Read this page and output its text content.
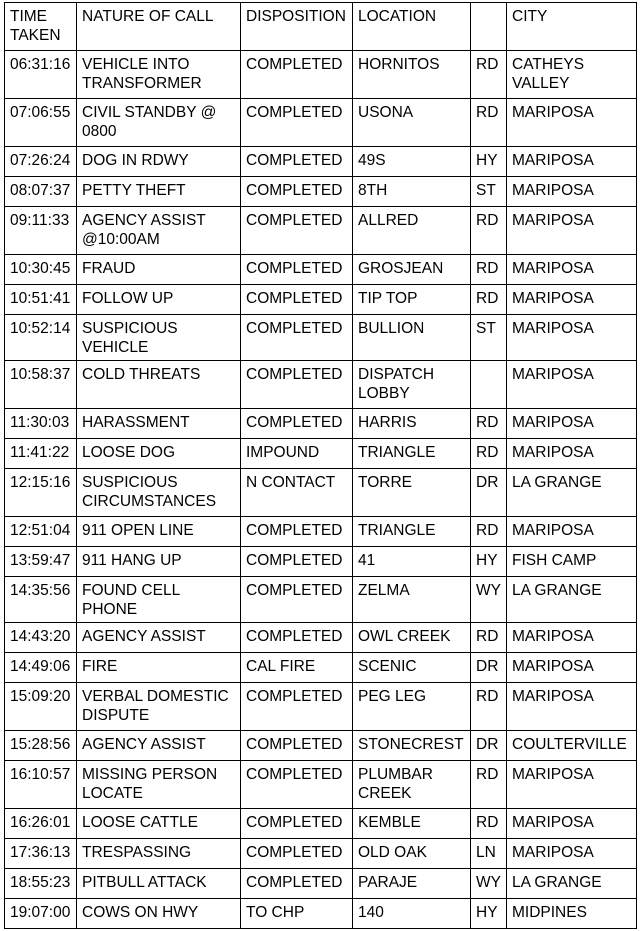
TIME TAKEN	NATURE OF CALL	DISPOSITION	LOCATION		CITY
06:31:16	VEHICLE INTO TRANSFORMER	COMPLETED	HORNITOS	RD	CATHEYS VALLEY
07:06:55	CIVIL STANDBY @ 0800	COMPLETED	USONA	RD	MARIPOSA
07:26:24	DOG IN RDWY	COMPLETED	49S	HY	MARIPOSA
08:07:37	PETTY THEFT	COMPLETED	8TH	ST	MARIPOSA
09:11:33	AGENCY ASSIST @10:00AM	COMPLETED	ALLRED	RD	MARIPOSA
10:30:45	FRAUD	COMPLETED	GROSJEAN	RD	MARIPOSA
10:51:41	FOLLOW UP	COMPLETED	TIP TOP	RD	MARIPOSA
10:52:14	SUSPICIOUS VEHICLE	COMPLETED	BULLION	ST	MARIPOSA
10:58:37	COLD THREATS	COMPLETED	DISPATCH LOBBY		MARIPOSA
11:30:03	HARASSMENT	COMPLETED	HARRIS	RD	MARIPOSA
11:41:22	LOOSE DOG	IMPOUND	TRIANGLE	RD	MARIPOSA
12:15:16	SUSPICIOUS CIRCUMSTANCES	N CONTACT	TORRE	DR	LA GRANGE
12:51:04	911 OPEN LINE	COMPLETED	TRIANGLE	RD	MARIPOSA
13:59:47	911 HANG UP	COMPLETED	41	HY	FISH CAMP
14:35:56	FOUND CELL PHONE	COMPLETED	ZELMA	WY	LA GRANGE
14:43:20	AGENCY ASSIST	COMPLETED	OWL CREEK	RD	MARIPOSA
14:49:06	FIRE	CAL FIRE	SCENIC	DR	MARIPOSA
15:09:20	VERBAL DOMESTIC DISPUTE	COMPLETED	PEG LEG	RD	MARIPOSA
15:28:56	AGENCY ASSIST	COMPLETED	STONECREST	DR	COULTERVILLE
16:10:57	MISSING PERSON LOCATE	COMPLETED	PLUMBAR CREEK	RD	MARIPOSA
16:26:01	LOOSE CATTLE	COMPLETED	KEMBLE	RD	MARIPOSA
17:36:13	TRESPASSING	COMPLETED	OLD OAK	LN	MARIPOSA
18:55:23	PITBULL ATTACK	COMPLETED	PARAJE	WY	LA GRANGE
19:07:00	COWS ON HWY	TO CHP	140	HY	MIDPINES
